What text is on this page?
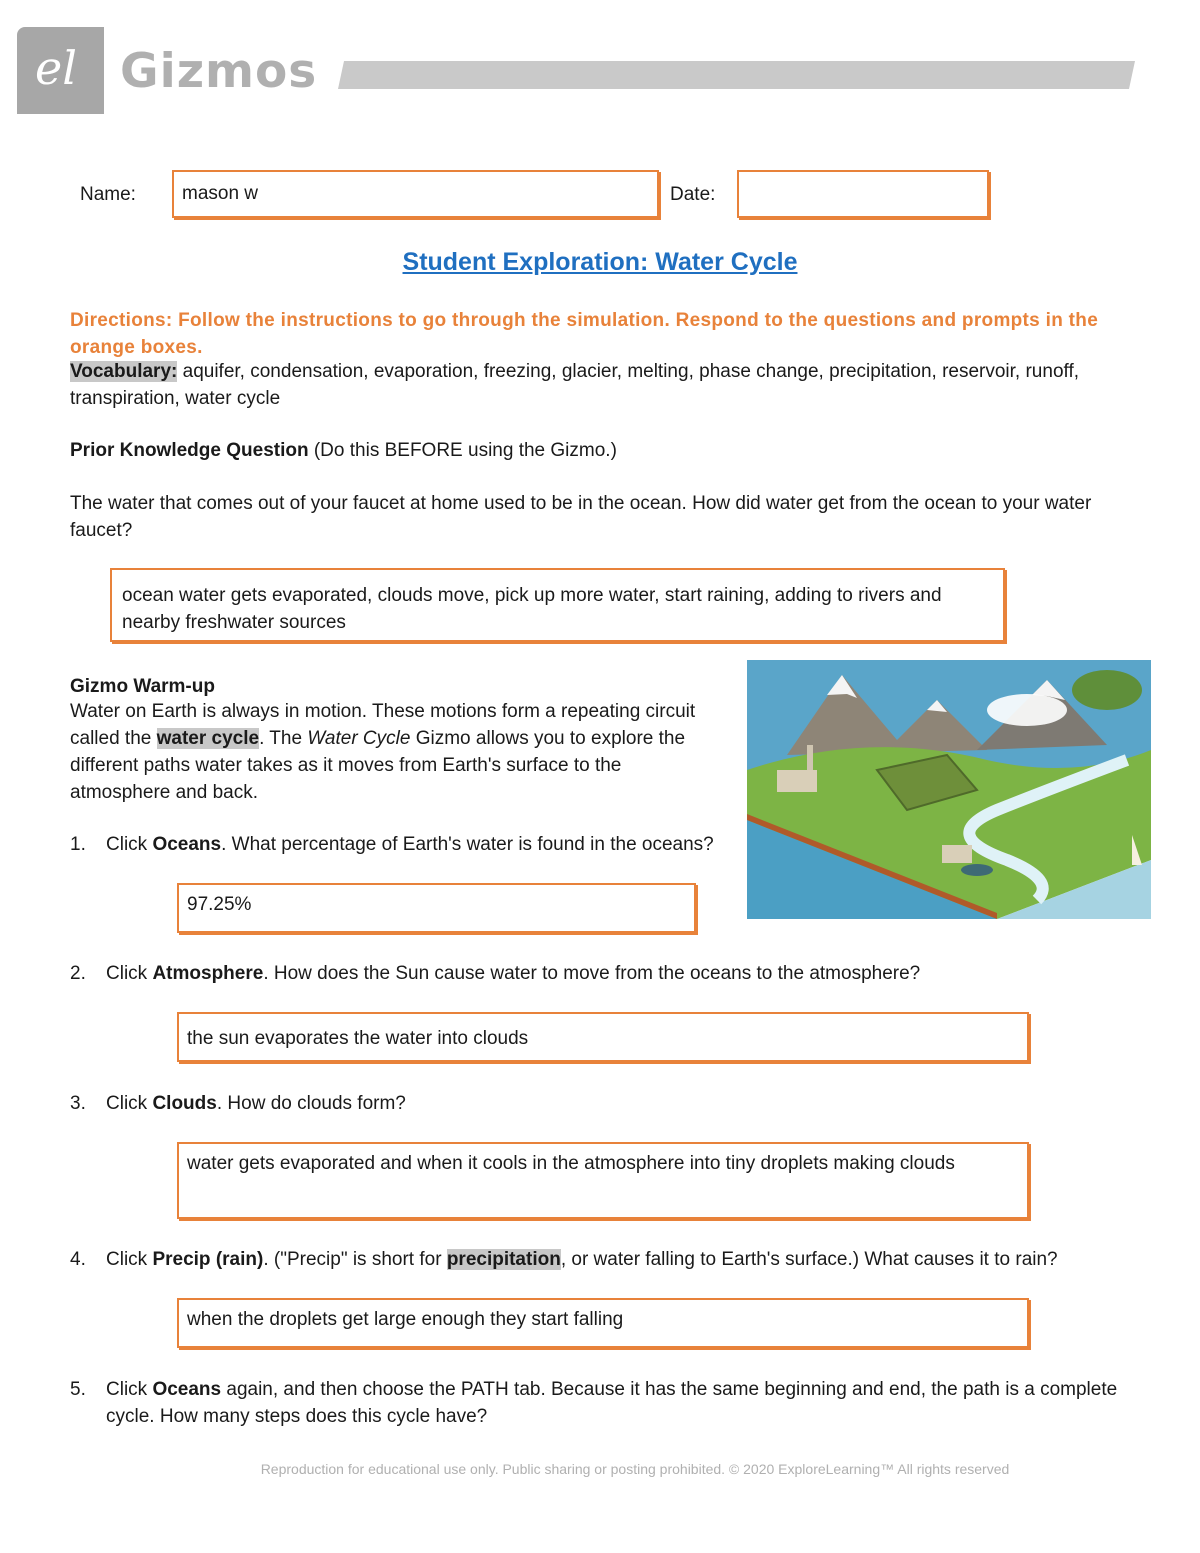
el Gizmos
Name:	mason w	Date:
Student Exploration: Water Cycle
Directions: Follow the instructions to go through the simulation. Respond to the questions and prompts in the orange boxes.
Vocabulary: aquifer, condensation, evaporation, freezing, glacier, melting, phase change, precipitation, reservoir, runoff, transpiration, water cycle
Prior Knowledge Question (Do this BEFORE using the Gizmo.)
The water that comes out of your faucet at home used to be in the ocean. How did water get from the ocean to your water faucet?
ocean water gets evaporated, clouds move, pick up more water, start raining, adding to rivers and nearby freshwater sources
Gizmo Warm-up
Water on Earth is always in motion. These motions form a repeating circuit called the water cycle. The Water Cycle Gizmo allows you to explore the different paths water takes as it moves from Earth's surface to the atmosphere and back.
1. Click Oceans. What percentage of Earth's water is found in the oceans?
97.25%
2. Click Atmosphere. How does the Sun cause water to move from the oceans to the atmosphere?
the sun evaporates the water into clouds
3. Click Clouds. How do clouds form?
water gets evaporated and when it cools in the atmosphere into tiny droplets making clouds
4. Click Precip (rain). ("Precip" is short for precipitation, or water falling to Earth's surface.) What causes it to rain?
when the droplets get large enough they start falling
5. Click Oceans again, and then choose the PATH tab. Because it has the same beginning and end, the path is a complete cycle. How many steps does this cycle have?
Reproduction for educational use only. Public sharing or posting prohibited. © 2020 ExploreLearning™ All rights reserved
